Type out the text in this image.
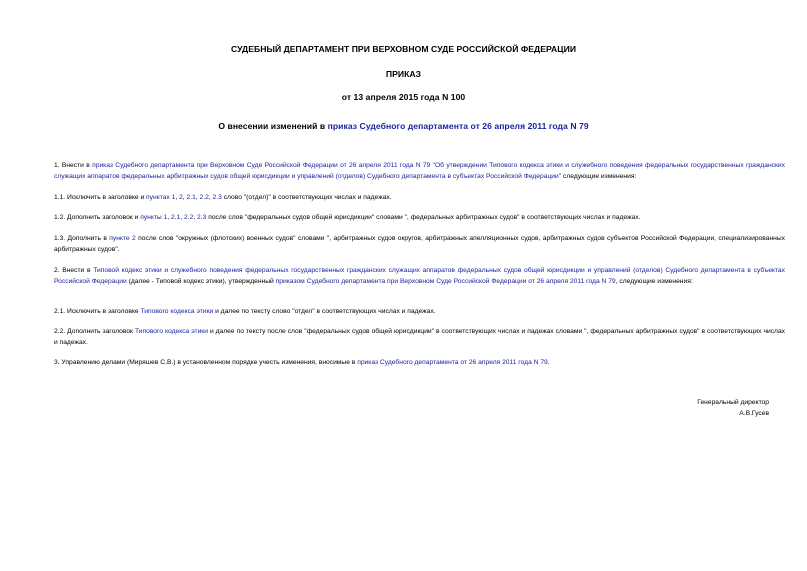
СУДЕБНЫЙ ДЕПАРТАМЕНТ ПРИ ВЕРХОВНОМ СУДЕ РОССИЙСКОЙ ФЕДЕРАЦИИ
ПРИКАЗ
от 13 апреля 2015 года N 100
О внесении изменений в приказ Судебного департамента от 26 апреля 2011 года N 79
1. Внести в приказ Судебного департамента при Верховном Суде Российской Федерации от 26 апреля 2011 года N 79 "Об утверждении Типового кодекса этики и служебного поведения федеральных государственных гражданских служащих аппаратов федеральных арбитражных судов общей юрисдикции и управлений (отделов) Судебного департамента в субъектах Российской Федерации" следующие изменения:
1.1. Исключить в заголовке и пунктах 1, 2, 2.1, 2.2, 2.3 слово "(отдел)" в соответствующих числах и падежах.
1.2. Дополнить заголовок и пункты 1, 2.1, 2.2, 2.3 после слов "федеральных судов общей юрисдикции" словами ", федеральных арбитражных судов" в соответствующих числах и падежах.
1.3. Дополнить в пункте 2 после слов "окружных (флотских) военных судов" словами ", арбитражных судов округов, арбитражных апелляционных судов, арбитражных судов субъектов Российской Федерации, специализированных арбитражных судов".
2. Внести в Типовой кодекс этики и служебного поведения федеральных государственных гражданских служащих аппаратов федеральных судов общей юрисдикции и управлений (отделов) Судебного департамента в субъектах Российской Федерации (далее - Типовой кодекс этики), утвержденный приказом Судебного департамента при Верховном Суде Российской Федерации от 26 апреля 2011 года N 79, следующие изменения:
2.1. Исключить в заголовке Типового кодекса этики и далее по тексту слово "отдел" в соответствующих числах и падежах.
2.2. Дополнить заголовок Типового кодекса этики и далее по тексту после слов "федеральных судов общей юрисдикции" в соответствующих числах и падежах словами ", федеральных арбитражных судов" в соответствующих числах и падежах.
3. Управлению делами (Миряшев С.В.) в установленном порядке учесть изменения, вносимые в приказ Судебного департамента от 26 апреля 2011 года N 79.
Генеральный директор
А.В.Гусев
